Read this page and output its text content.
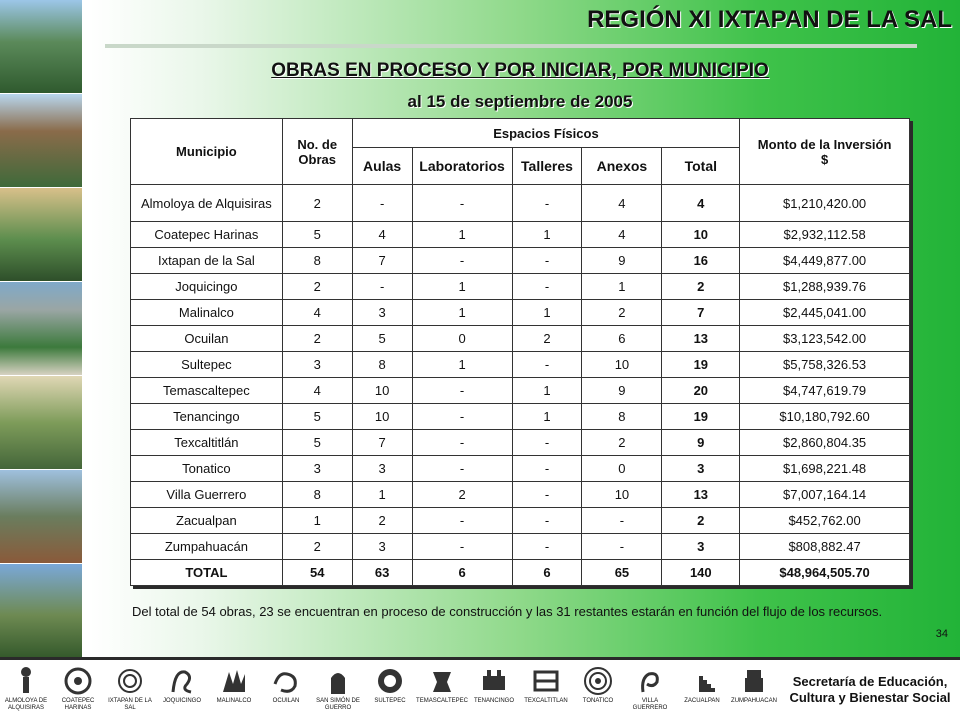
REGIÓN XI IXTAPAN DE LA SAL
OBRAS EN PROCESO Y POR INICIAR, POR MUNICIPIO
al 15 de septiembre de 2005
Municipio	No. de Obras	Espacios Físicos					Monto de la Inversión
$

		Aulas	Laboratorios	Talleres	Anexos	Total	
Almoloya de Alquisiras	2	-	-	-	4	4	$1,210,420.00
Coatepec Harinas	5	4	1	1	4	10	$2,932,112.58
Ixtapan de la Sal	8	7	-	-	9	16	$4,449,877.00
Joquicingo	2	-	1	-	1	2	$1,288,939.76
Malinalco	4	3	1	1	2	7	$2,445,041.00
Ocuilan	2	5	0	2	6	13	$3,123,542.00
Sultepec	3	8	1	-	10	19	$5,758,326.53
Temascaltepec	4	10	-	1	9	20	$4,747,619.79
Tenancingo	5	10	-	1	8	19	$10,180,792.60
Texcaltitlán	5	7	-	-	2	9	$2,860,804.35
Tonatico	3	3	-	-	0	3	$1,698,221.48
Villa Guerrero	8	1	2	-	10	13	$7,007,164.14
Zacualpan	1	2	-	-	-	2	$452,762.00
Zumpahuacán	2	3	-	-	-	3	$808,882.47
TOTAL	54	63	6	6	65	140	$48,964,505.70

Del total de 54 obras, 23 se encuentran en proceso de construcción y las 31 restantes estarán en función del flujo de los recursos.

34
ALMOLOYA DE ALQUISIRAS
COATEPEC HARINAS
IXTAPAN DE LA SAL
JOQUICINGO	MALINALCO	OCUILAN	SAN SIMÓN DE GUERRO
SULTEPEC	TEMASCALTEPEC	TENANCINGO	TEXCALTITLAN	TONATICO	VILLA GUERRERO
ZACUALPAN	ZUMPAHUACAN
Secretaría de Educación,
Cultura y Bienestar Social
